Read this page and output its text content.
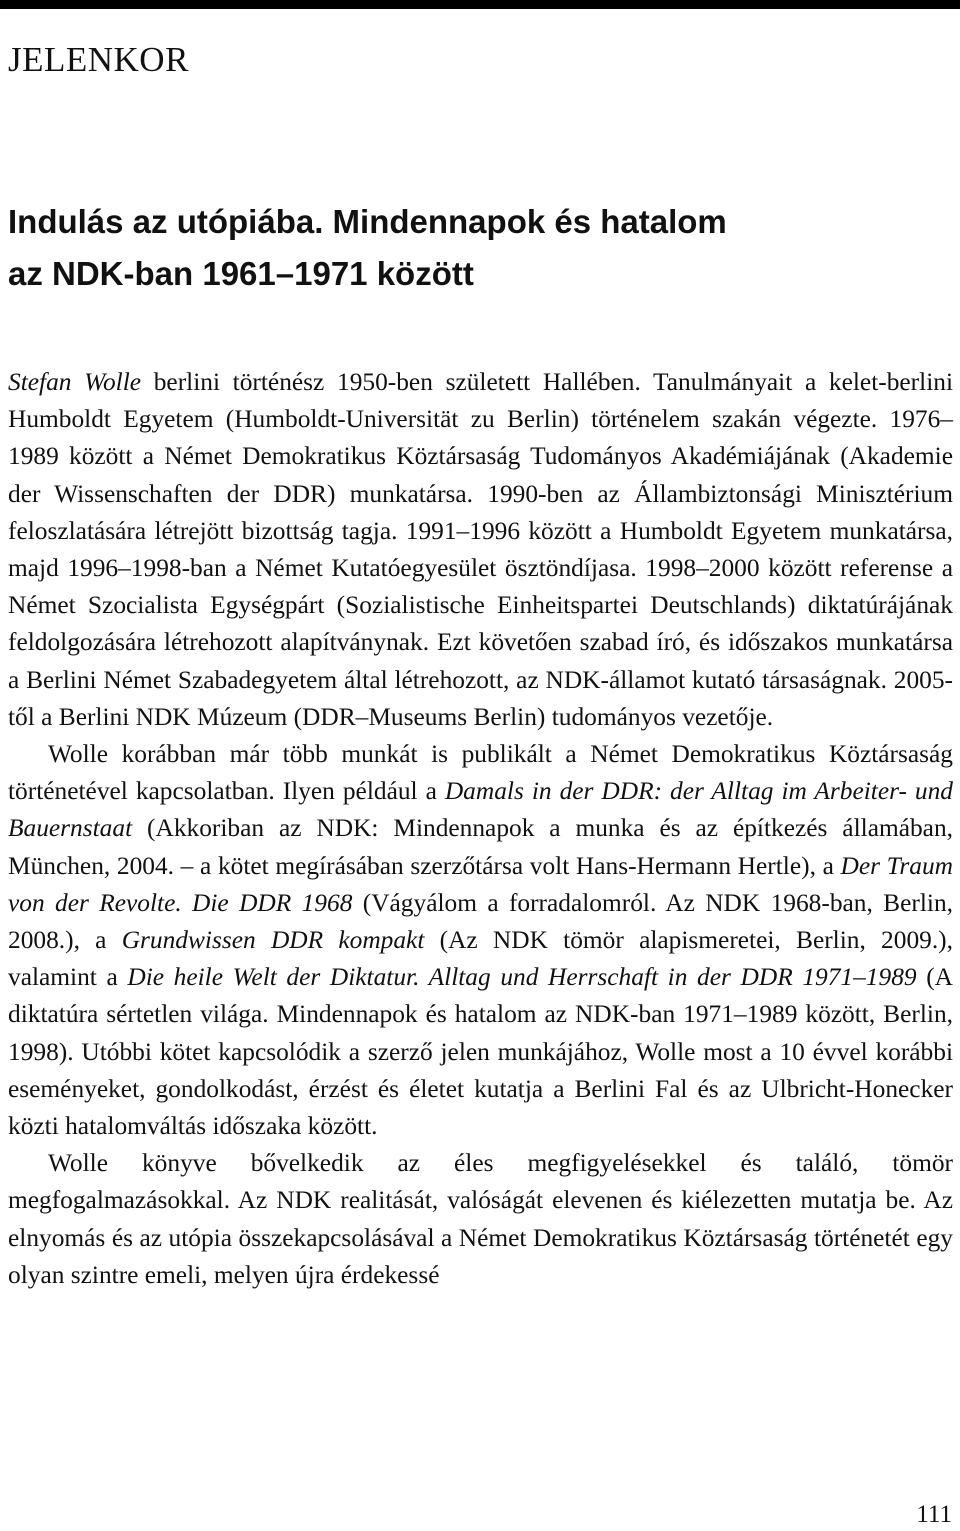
JELENKOR
Indulás az utópiába. Mindennapok és hatalom
az NDK-ban 1961–1971 között

Stefan Wolle berlini történész 1950-ben született Hallében. Tanulmányait a kelet-berlini Humboldt Egyetem (Humboldt-Universität zu Berlin) történelem szakán végezte. 1976–1989 között a Német Demokratikus Köztársaság Tudományos Akadémiájának (Akademie der Wissenschaften der DDR) munkatársa. 1990-ben az Állambiztonsági Minisztérium feloszlatására létrejött bizottság tagja. 1991–1996 között a Humboldt Egyetem munkatársa, majd 1996–1998-ban a Német Kutatóegyesület ösztöndíjasa. 1998–2000 között referense a Német Szocialista Egységpárt (Sozialistische Einheitspartei Deutschlands) diktatúrájának feldolgozására létrehozott alapítványnak. Ezt követően szabad író, és időszakos munkatársa a Berlini Német Szabadegyetem által létrehozott, az NDK-államot kutató társaságnak. 2005-től a Berlini NDK Múzeum (DDR–Museums Berlin) tudományos vezetője.

Wolle korábban már több munkát is publikált a Német Demokratikus Köztársaság történetével kapcsolatban. Ilyen például a Damals in der DDR: der Alltag im Arbeiter- und Bauernstaat (Akkoriban az NDK: Mindennapok a munka és az építkezés államában, München, 2004. – a kötet megírásában szerzőtársa volt Hans-Hermann Hertle), a Der Traum von der Revolte. Die DDR 1968 (Vágyálom a forradalomról. Az NDK 1968-ban, Berlin, 2008.), a Grundwissen DDR kompakt (Az NDK tömör alapismeretei, Berlin, 2009.), valamint a Die heile Welt der Diktatur. Alltag und Herrschaft in der DDR 1971–1989 (A diktatúra sértetlen világa. Mindennapok és hatalom az NDK-ban 1971–1989 között, Berlin, 1998). Utóbbi kötet kapcsolódik a szerző jelen munkájához, Wolle most a 10 évvel korábbi eseményeket, gondolkodást, érzést és életet kutatja a Berlini Fal és az Ulbricht-Honecker közti hatalomváltás időszaka között.

Wolle könyve bővelkedik az éles megfigyelésekkel és találó, tömör megfogalmazásokkal. Az NDK realitását, valóságát elevenen és kiélezetten mutatja be. Az elnyomás és az utópia összekapcsolásával a Német Demokratikus Köztársaság történetét egy olyan szintre emeli, melyen újra érdekessé

111
